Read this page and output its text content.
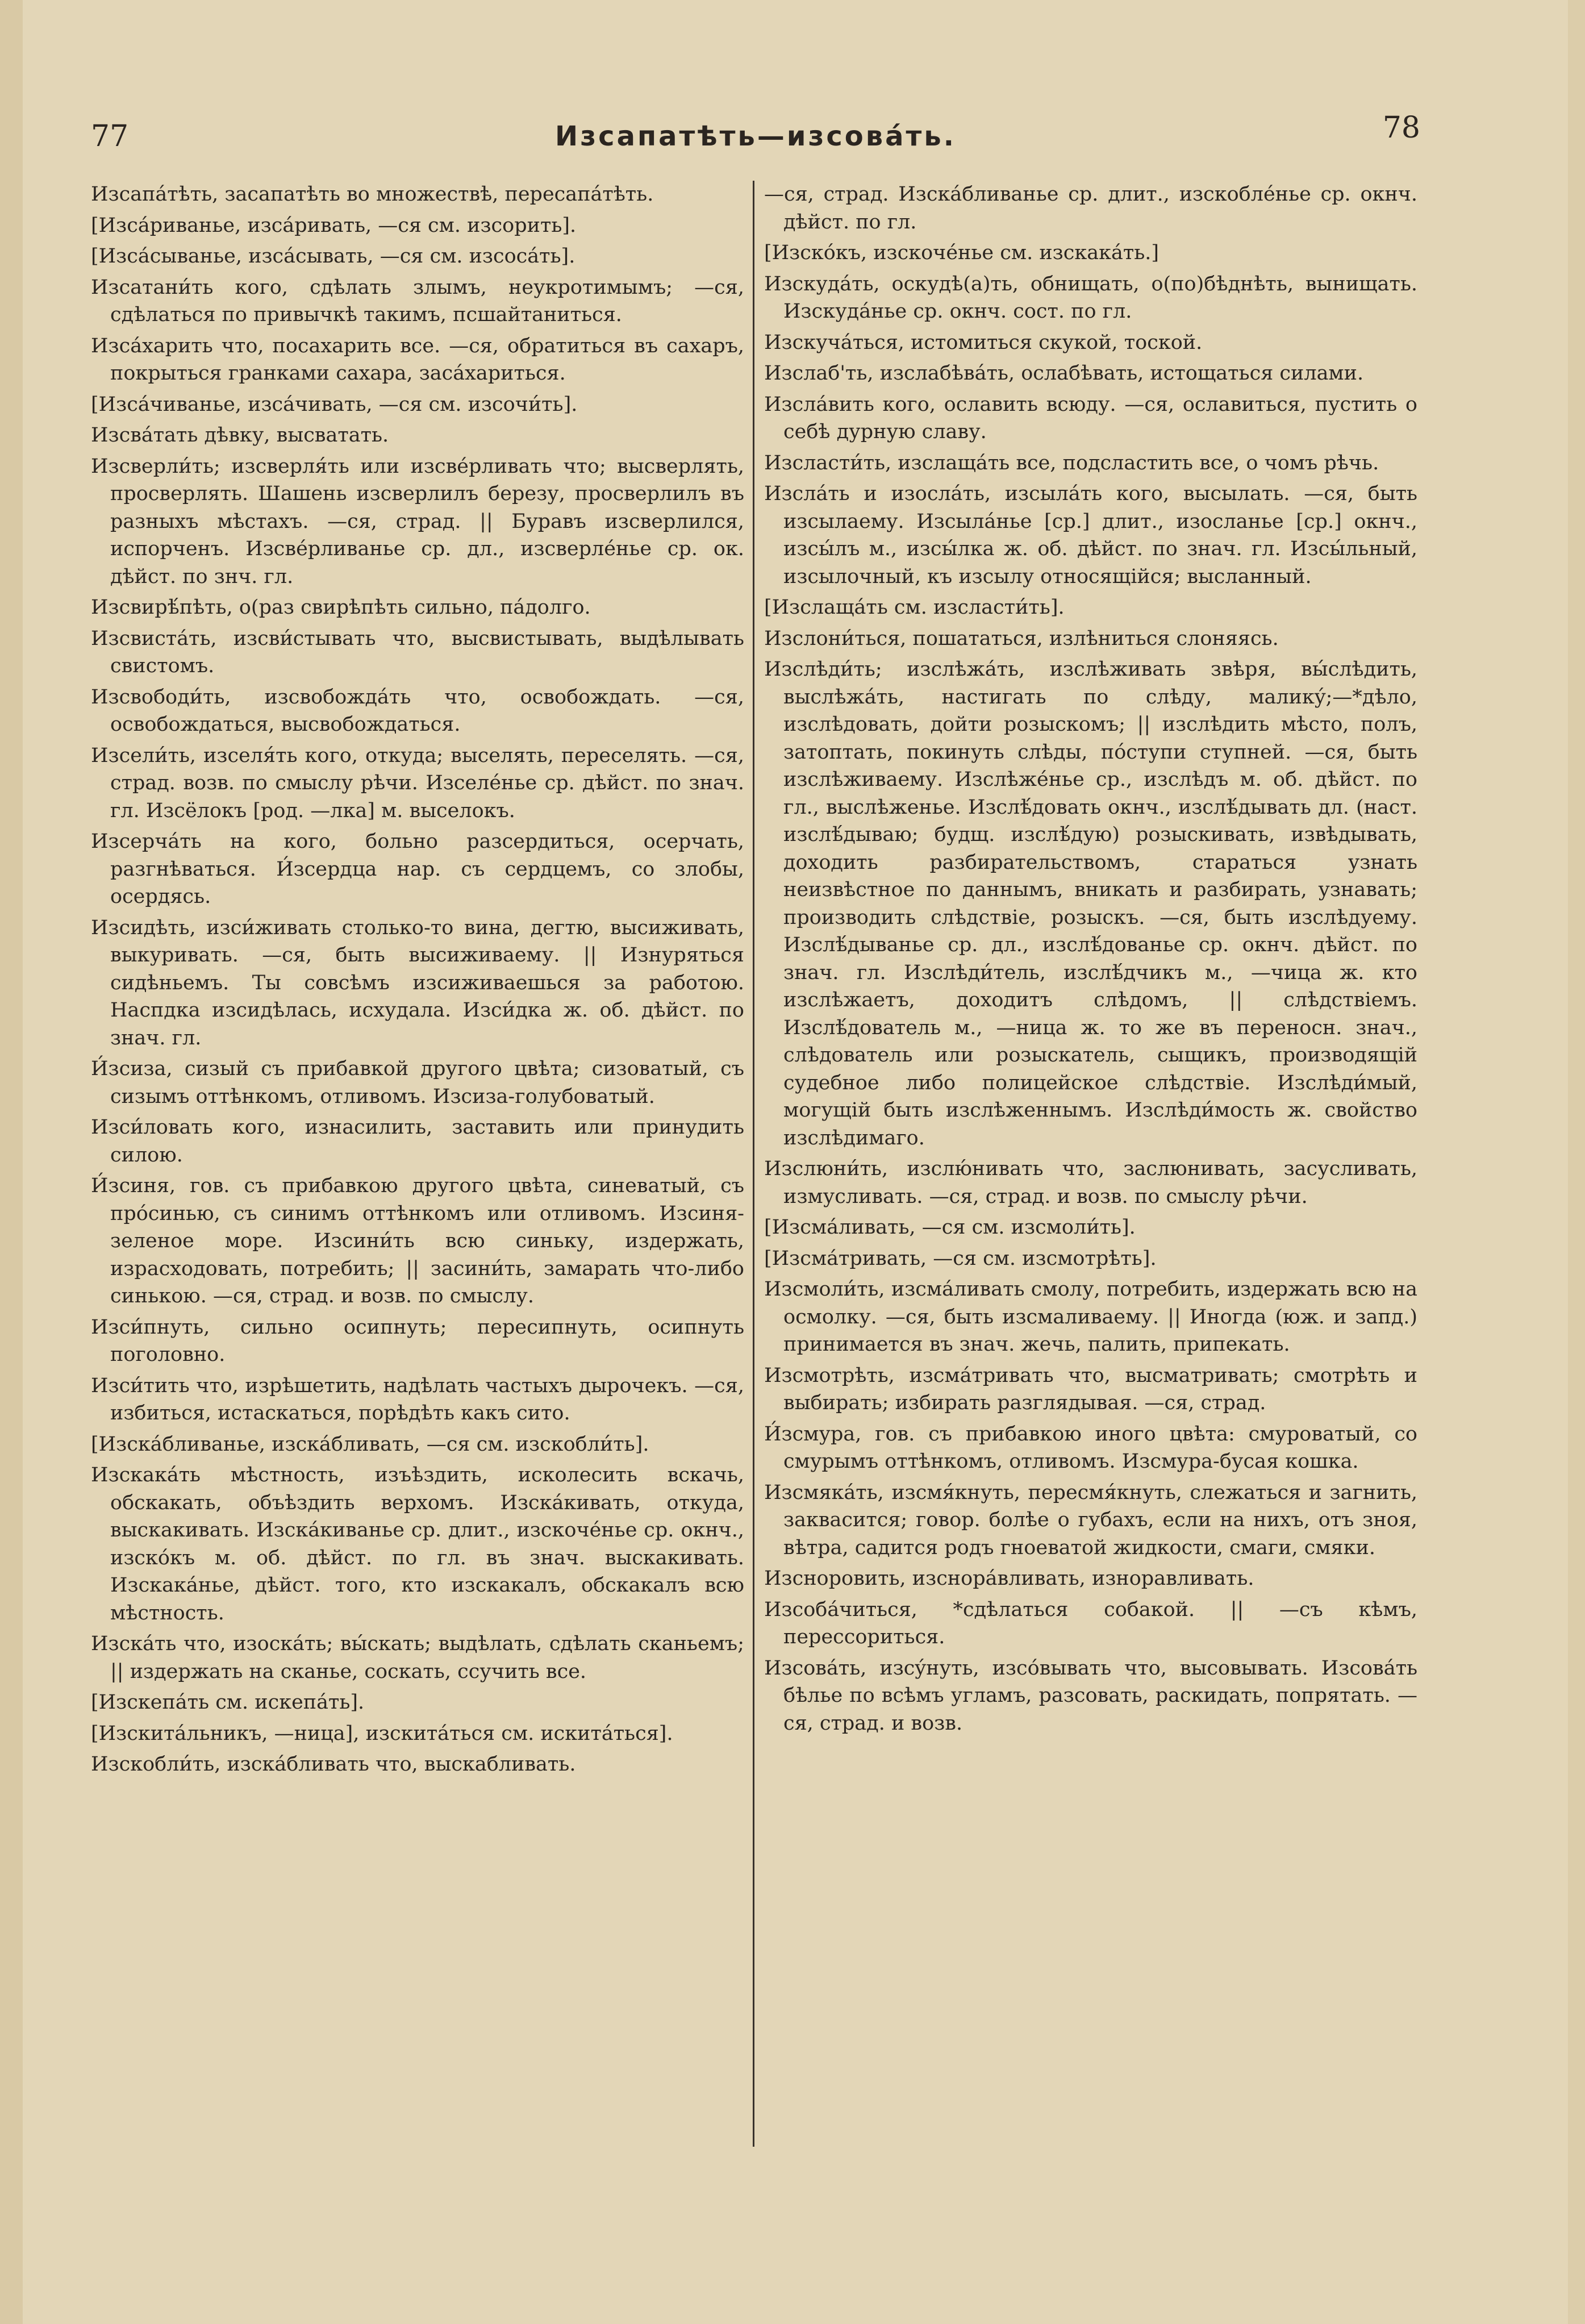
77	Изсапатѣть—изсовáть.	78

Изсапáтѣть, засапатѣть во множествѣ, пересапáтѣть.

[Изсáриванье, изсáривать, —ся см. изсорить].

[Изсáсыванье, изсáсывать, —ся см. изсосáть].

Изсатани́ть кого, сдѣлать злымъ, неукротимымъ; —ся, сдѣлаться по привычкѣ такимъ, псшайтаниться.

Изсáхарить что, посахарить все. —ся, обратиться въ сахаръ, покрыться гранками сахара, засáхариться.

[Изсáчиванье, изсáчивать, —ся см. изсочи́ть].

Изсвáтать дѣвку, высватать.

Изсверли́ть; изсверля́ть или изсвéрливать что; высверлять, просверлять. Шашень изсверлилъ березу, просверлилъ въ разныхъ мѣстахъ. —ся, страд. || Буравъ изсверлился, испорченъ. Изсвéрливанье ср. дл., изсверлéнье ср. ок. дѣйст. по знч. гл.

Изсвирѣ́пѣть, о(раз свирѣпѣть сильно, пáдолго.

Изсвистáть, изсви́стывать что, высвистывать, выдѣлывать свистомъ.

Изсвободи́ть, изсвобождáть что, освобождать. —ся, освобождаться, высвобождаться.

Изсели́ть, изселя́ть кого, откуда; выселять, переселять. —ся, страд. возв. по смыслу рѣчи. Изселéнье ср. дѣйст. по знач. гл. Изсёлокъ [род. —лка] м. выселокъ.

Изсерчáть на кого, больно разсердиться, осерчать, разгнѣваться. И́зсердца нар. съ сердцемъ, со злобы, осердясь.

Изсидѣть, изси́живать столько-то вина, дегтю, высиживать, выкуривать. —ся, быть высиживаему. || Изнуряться сидѣньемъ. Ты совсѣмъ изсиживаешься за работою. Наспдка изсидѣлась, исхудала. Изси́дка ж. об. дѣйст. по знач. гл.

И́зсиза, сизый съ прибавкой другого цвѣта; сизоватый, съ сизымъ оттѣнкомъ, отливомъ. Изсиза-голубоватый.

Изси́ловать кого, изнасилить, заставить или принудить силою.

И́зсиня, гов. съ прибавкою другого цвѣта, синеватый, съ прóсинью, съ синимъ оттѣнкомъ или отливомъ. Изсиня-зеленое море. Изсини́ть всю синьку, издержать, израсходовать, потребить; || засини́ть, замарать что-либо синькою. —ся, страд. и возв. по смыслу.

Изси́пнуть, сильно осипнуть; пересипнуть, осипнуть поголовно.

Изси́тить что, изрѣшетить, надѣлать частыхъ дырочекъ. —ся, избиться, истаскаться, порѣдѣть какъ сито.

[Изскáбливанье, изскáбливать, —ся см. изскобли́ть].

Изскакáть мѣстность, изъѣздить, исколесить вскачь, обскакать, объѣздить верхомъ. Изскáкивать, откуда, выскакивать. Изскáкиванье ср. длит., изскочéнье ср. окнч., изскóкъ м. об. дѣйст. по гл. въ знач. выскакивать. Изскакáнье, дѣйст. того, кто изскакалъ, обскакалъ всю мѣстность.

Изскáть что, изоскáть; вы́скать; выдѣлать, сдѣлать сканьемъ; || издержать на сканье, соскать, ссучить все.

[Изскепáть см. искепáть].

[Изскитáльникъ, —ница], изскитáться см. искитáться].

Изскобли́ть, изскáбливать что, выскабливать.

—ся, страд. Изскáбливанье ср. длит., изскоблéнье ср. окнч. дѣйст. по гл.

[Изскóкъ, изскочéнье см. изскакáть.]

Изскудáть, оскудѣ(а)ть, обнищать, о(по)бѣднѣть, вынищать. Изскудáнье ср. окнч. сост. по гл.

Изскучáться, истомиться скукой, тоской.

Изслаб'ть, изслабѣвáть, ослабѣвать, истощаться силами.

Изслáвить кого, ославить всюду. —ся, ославиться, пустить о себѣ дурную славу.

Изсласти́ть, изслащáть все, подсластить все, о чомъ рѣчь.

Изслáть и изослáть, изсылáть кого, высылать. —ся, быть изсылаему. Изсылáнье [ср.] длит., изосланье [ср.] окнч., изсы́лъ м., изсы́лка ж. об. дѣйст. по знач. гл. Изсы́льный, изсылочный, къ изсылу относящійся; высланный.

[Изслащáть см. изсласти́ть].

Изслони́ться, пошататься, излѣниться слоняясь.

Изслѣди́ть; изслѣжáть, изслѣживать звѣря, вы́слѣдить, выслѣжáть, настигать по слѣду, маликý;—*дѣло, изслѣдовать, дойти розыскомъ; || изслѣдить мѣсто, полъ, затоптать, покинуть слѣды, пóступи ступней. —ся, быть изслѣживаему. Изслѣжéнье ср., изслѣдъ м. об. дѣйст. по гл., выслѣженье. Изслѣ́довать окнч., изслѣ́дывать дл. (наст. изслѣ́дываю; будщ. изслѣ́дую) розыскивать, извѣдывать, доходить разбирательствомъ, стараться узнать неизвѣстное по даннымъ, вникать и разбирать, узнавать; производить слѣдствіе, розыскъ. —ся, быть изслѣдуему. Изслѣ́дыванье ср. дл., изслѣ́дованье ср. окнч. дѣйст. по знач. гл. Изслѣди́тель, изслѣ́дчикъ м., —чица ж. кто изслѣжаетъ, доходитъ слѣдомъ, || слѣдствіемъ. Изслѣ́дователь м., —ница ж. то же въ переносн. знач., слѣдователь или розыскатель, сыщикъ, производящій судебное либо полицейское слѣдствіе. Изслѣди́мый, могущій быть изслѣженнымъ. Изслѣди́мость ж. свойство изслѣдимаго.

Изслюни́ть, изслю́нивать что, заслюнивать, засусливать, измусливать. —ся, страд. и возв. по смыслу рѣчи.

[Изсмáливать, —ся см. изсмоли́ть].

[Изсмáтривать, —ся см. изсмотрѣть].

Изсмоли́ть, изсмáливать смолу, потребить, издержать всю на осмолку. —ся, быть изсмаливаему. || Иногда (юж. и запд.) принимается въ знач. жечь, палить, припекать.

Изсмотрѣть, изсмáтривать что, высматривать; смотрѣть и выбирать; избирать разглядывая. —ся, страд.

И́зсмура, гов. съ прибавкою иного цвѣта: смуроватый, со смурымъ оттѣнкомъ, отливомъ. Изсмура-бусая кошка.

Изсмякáть, изсмя́кнуть, пересмя́кнуть, слежаться и загнить, заквасится; говор. болѣе о губахъ, если на нихъ, отъ зноя, вѣтра, садится родъ гноеватой жидкости, смаги, смяки.

Изсноровить, изснорáвливать, изноравливать.

Изсобáчиться, *сдѣлаться собакой. || —съ кѣмъ, перессориться.

Изсовáть, изсýнуть, изсóвывать что, высовывать. Изсовáть бѣлье по всѣмъ угламъ, разсовать, раскидать, попрятать. —ся, страд. и возв.
